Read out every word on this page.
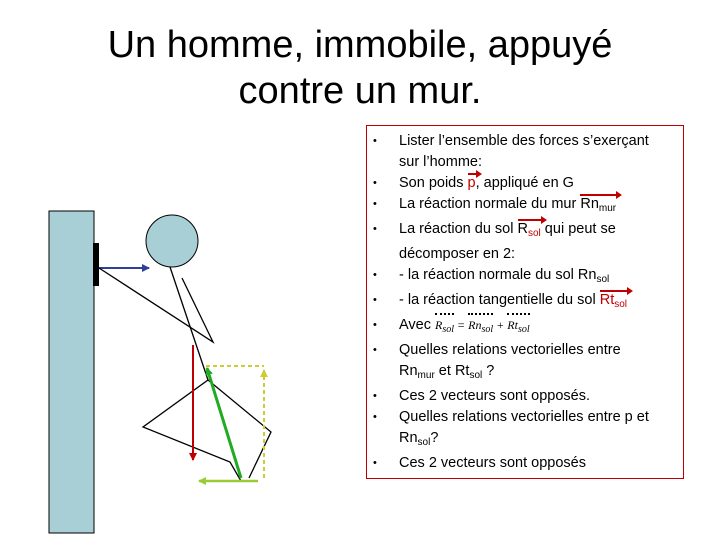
Un homme, immobile, appuyé
contre un mur.
• Lister l’ensemble des forces s’exerçant
sur l’homme:
• Son poids p, appliqué en G
• La réaction normale du mur $Rn_{mur}$
• La réaction du sol $R_{sol}$ qui peut se
décomposer en 2:
• - la réaction normale du sol $Rn_{sol}$
• - la réaction tangentielle du sol $Rt_{sol}$
• Avec $R_{sol} = Rn_{sol} + Rt_{sol}$
• Quelles relations vectorielles entre
$Rn_{mur}$ et $Rt_{sol}$ ?
• Ces 2 vecteurs sont opposés.
• Quelles relations vectorielles entre p et
$Rn_{sol}$?
• Ces 2 vecteurs sont opposés
